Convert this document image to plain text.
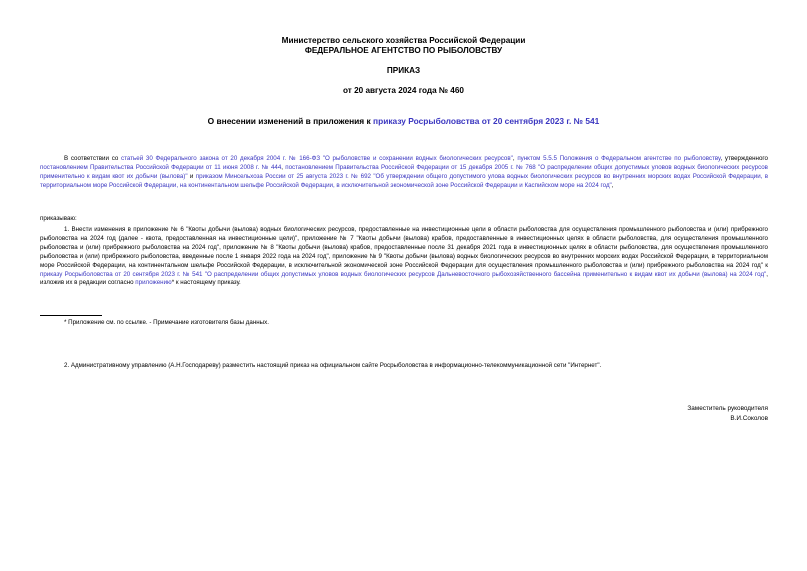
Министерство сельского хозяйства Российской Федерации
ФЕДЕРАЛЬНОЕ АГЕНТСТВО ПО РЫБОЛОВСТВУ
ПРИКАЗ
от 20 августа 2024 года № 460
О внесении изменений в приложения к приказу Росрыболовства от 20 сентября 2023 г. № 541
В соответствии со статьей 30 Федерального закона от 20 декабря 2004 г. № 166-ФЗ "О рыболовстве и сохранении водных биологических ресурсов", пунктом 5.5.5 Положения о Федеральном агентстве по рыболовству, утвержденного постановлением Правительства Российской Федерации от 11 июня 2008 г. № 444, постановлением Правительства Российской Федерации от 15 декабря 2005 г. № 768 "О распределении общих допустимых уловов водных биологических ресурсов применительно к видам квот их добычи (вылова)" и приказом Минсельхоза России от 25 августа 2023 г. № 692 "Об утверждении общего допустимого улова водных биологических ресурсов во внутренних морских водах Российской Федерации, в территориальном море Российской Федерации, на континентальном шельфе Российской Федерации, в исключительной экономической зоне Российской Федерации и Каспийском море на 2024 год",
приказываю:
1. Внести изменения в приложение № 6 "Квоты добычи (вылова) водных биологических ресурсов, предоставленные на инвестиционные цели в области рыболовства для осуществления промышленного рыболовства и (или) прибрежного рыболовства на 2024 год (далее - квота, предоставленная на инвестиционные цели)", приложение № 7 "Квоты добычи (вылова) крабов, предоставленные в инвестиционных целях в области рыболовства, для осуществления промышленного рыболовства и (или) прибрежного рыболовства на 2024 год", приложение № 8 "Квоты добычи (вылова) крабов, предоставленные после 31 декабря 2021 года в инвестиционных целях в области рыболовства, для осуществления промышленного рыболовства и (или) прибрежного рыболовства, введенные после 1 января 2022 года на 2024 год", приложение № 9 "Квоты добычи (вылова) водных биологических ресурсов во внутренних морских водах Российской Федерации, в территориальном море Российской Федерации, на континентальном шельфе Российской Федерации, в исключительной экономической зоне Российской Федерации для осуществления промышленного рыболовства и (или) прибрежного рыболовства на 2024 год" к приказу Росрыболовства от 20 сентября 2023 г. № 541 "О распределении общих допустимых уловов водных биологических ресурсов Дальневосточного рыбохозяйственного бассейна применительно к видам квот их добычи (вылова) на 2024 год", изложив их в редакции согласно приложению* к настоящему приказу.
* Приложение см. по ссылке. - Примечание изготовителя базы данных.
2. Административному управлению (А.Н.Господареву) разместить настоящий приказ на официальном сайте Росрыболовства в информационно-телекоммуникационной сети "Интернет".
Заместитель руководителя
В.И.Соколов
